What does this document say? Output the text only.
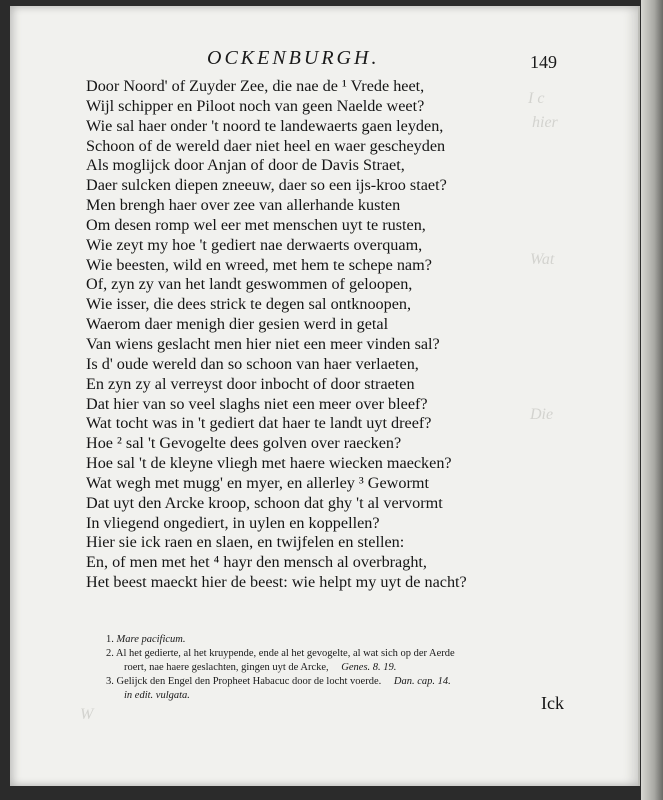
I c
hier
Wat
Die
W
OCKENBURGH.	149
Door Noord' of Zuyder Zee, die nae de ¹ Vrede heet,
Wijl schipper en Piloot noch van geen Naelde weet?
Wie sal haer onder 't noord te landewaerts gaen leyden,
Schoon of de wereld daer niet heel en waer gescheyden
Als moglijck door Anjan of door de Davis Straet,
Daer sulcken diepen zneeuw, daer so een ijs-kroo staet?
Men brengh haer over zee van allerhande kusten
Om desen romp wel eer met menschen uyt te rusten,
Wie zeyt my hoe 't gediert nae derwaerts overquam,
Wie beesten, wild en wreed, met hem te schepe nam?
Of, zyn zy van het landt geswommen of geloopen,
Wie isser, die dees strick te degen sal ontknoopen,
Waerom daer menigh dier gesien werd in getal
Van wiens geslacht men hier niet een meer vinden sal?
Is d' oude wereld dan so schoon van haer verlaeten,
En zyn zy al verreyst door inbocht of door straeten
Dat hier van so veel slaghs niet een meer over bleef?
Wat tocht was in 't gediert dat haer te landt uyt dreef?
Hoe ² sal 't Gevogelte dees golven over raecken?
Hoe sal 't de kleyne vliegh met haere wiecken maecken?
Wat wegh met mugg' en myer, en allerley ³ Gewormt
Dat uyt den Arcke kroop, schoon dat ghy 't al vervormt
In vliegend ongediert, in uylen en koppellen?
Hier sie ick raen en slaen, en twijfelen en stellen:
En, of men met het ⁴ hayr den mensch al overbraght,
Het beest maeckt hier de beest: wie helpt my uyt de nacht?
1. Mare pacificum.
2. Al het gedierte, al het kruypende, ende al het gevogelte, al wat sich op der Aerde
roert, nae haere geslachten, gingen uyt de Arcke, Genes. 8. 19.
3. Gelijck den Engel den Propheet Habacuc door de locht voerde. Dan. cap. 14.
in edit. vulgata.	Ick
